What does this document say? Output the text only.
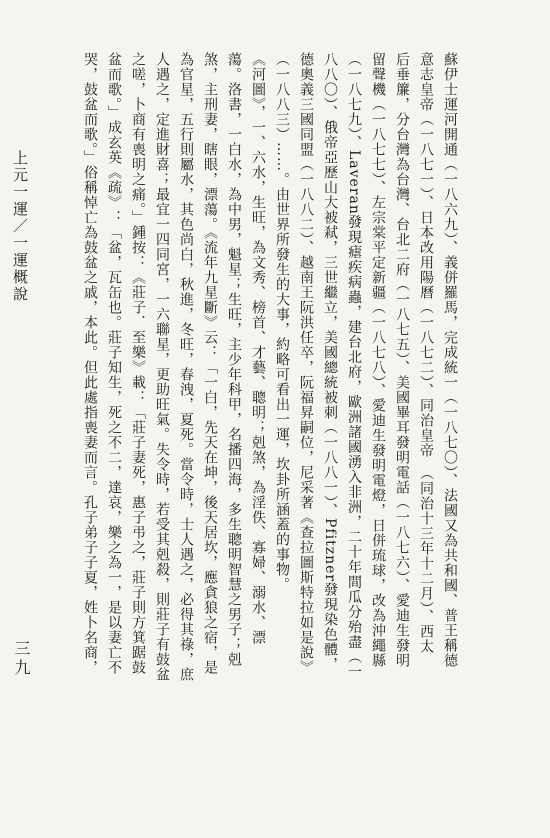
蘇伊士運河開通（一八六九）、義併羅馬，完成統一（一八七〇）、法國又為共和國、普王稱德
意志皇帝（一八七一）、日本改用陽曆（一八七二）、同治皇帝　（同治十三年十二月）、西太
后垂簾，分台灣為台灣、台北二府（一八七五）、美國畢耳發明電話（一八七六）、愛迪生發明
留聲機（一八七七）、左宗棠平定新疆（一八七八）、愛迪生發明電燈，日併琉球，改為沖繩縣
（一八七九）、Laveran發現瘧疾病蟲，建台北府，歐洲諸國湧入非洲，二十年間瓜分殆盡（一
八八〇）、俄帝亞歷山大被弒，三世繼立，美國總統被刺（一八八一）、Pfitzner發現染色體，
德奧義三國同盟（一八八二）、越南王阮洪任卒，阮福昇嗣位，尼采著《查拉圖斯特拉如是說》
（一八八三）……。由世界所發生的大事，約略可看出一運，坎卦所涵蓋的事物。
《河圖》，一、六水，生旺，為文秀、榜首、才藝、聰明；剋煞，為淫佚、寡婦、溺水、漂
蕩。洛書，一白水，為中男，魁星；生旺，主少年科甲，名播四海，多生聰明智慧之男子；剋
煞，主刑妻，瞎眼，漂蕩。《流年九星斷》云：「一白，先天在坤，後天居坎，應貪狼之宿，是
為官星，五行則屬水，其色尚白，秋進，冬旺，春洩，夏死。當令時，士人遇之，必得其祿，庶
人遇之，定進財喜；最宜一四同宮，一六聯星，更助旺氣。失令時，若受其剋殺，則莊子有鼓盆
之嗟，卜商有喪明之痛。」鍾按：《莊子．至樂》載：「莊子妻死，惠子弔之，莊子則方箕踞鼓
盆而歌。」成玄英《疏》：「盆，瓦缶也。莊子知生，死之不二，達哀，樂之為一，是以妻亡不
哭，鼓盆而歌。」俗稱悼亡為鼓盆之戚，本此。但此處指喪妻而言。孔子弟子子夏，姓卜名商，
上元一運／一運概說
三九
